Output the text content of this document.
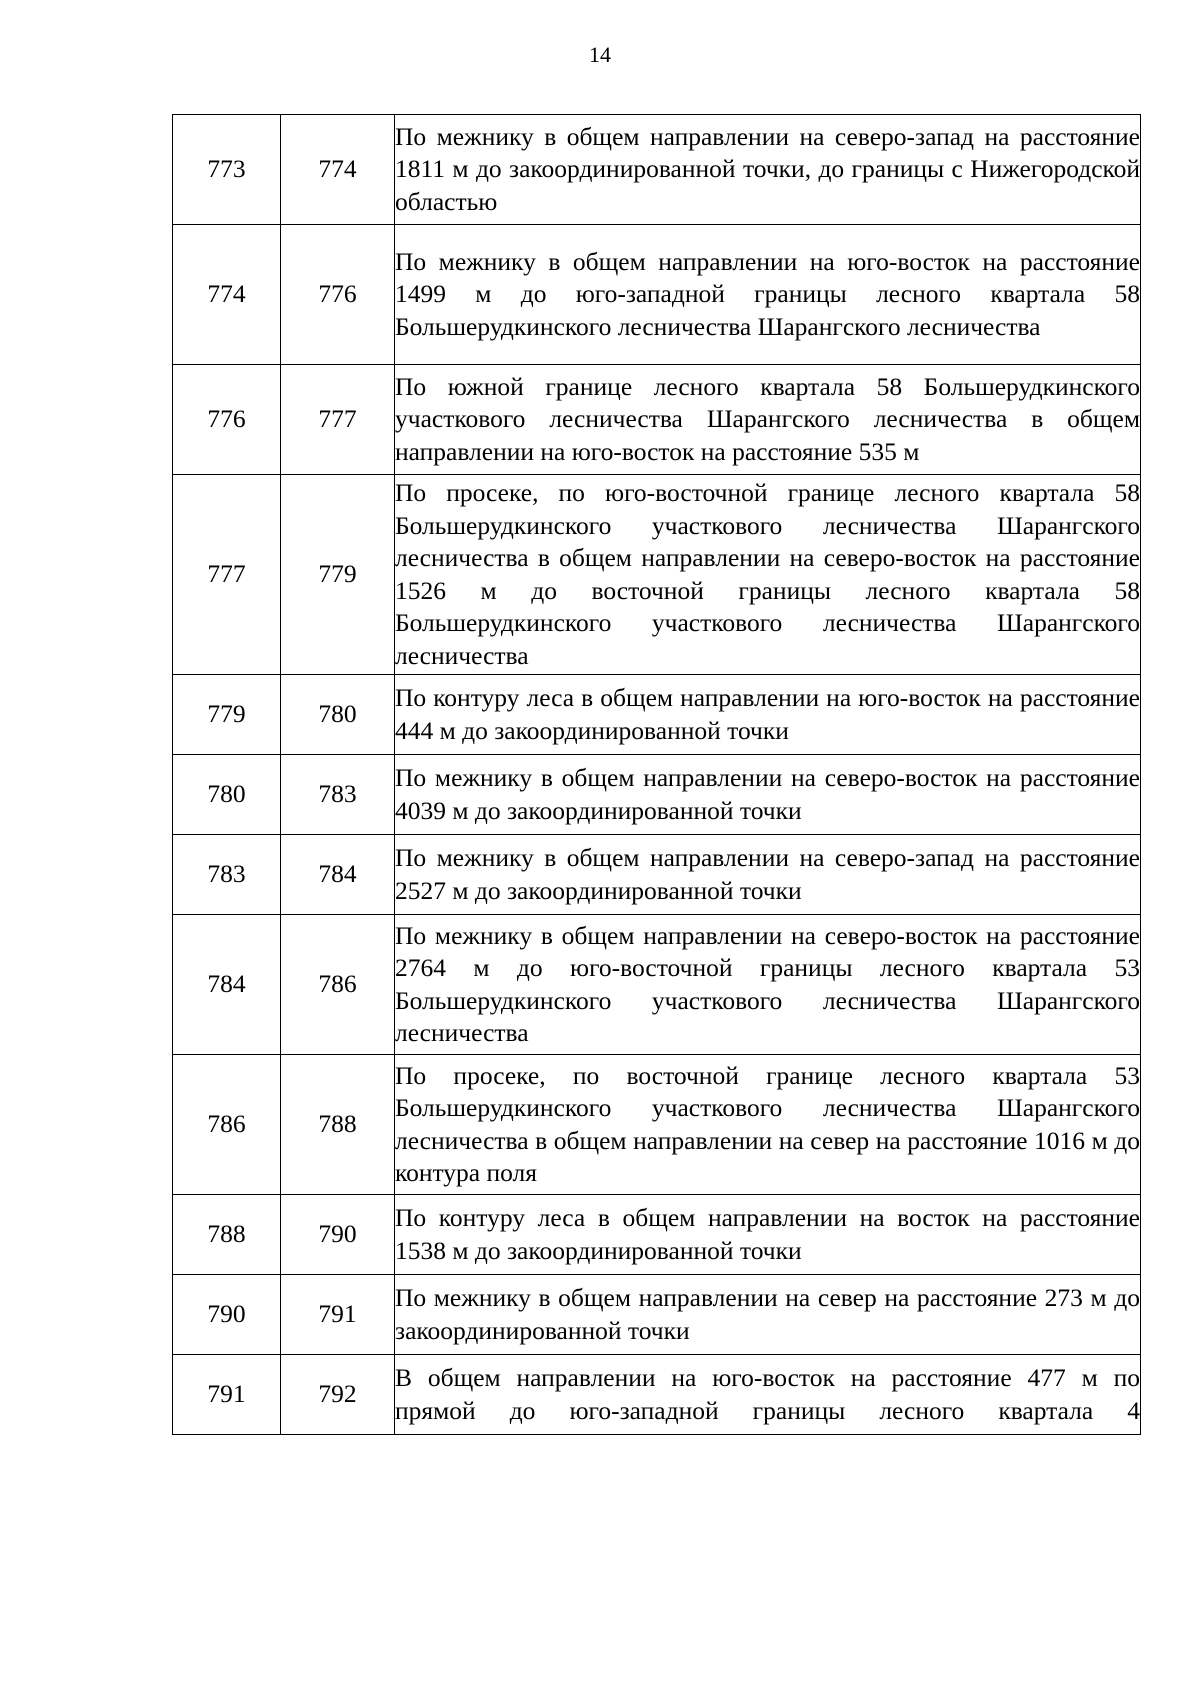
14
773	774	По межнику в общем направлении на северо-запад на расстояние 1811 м до закоординированной точки, до границы с Нижегородской областью
774	776	По межнику в общем направлении на юго-восток на расстояние 1499 м до юго-западной границы лесного квартала 58 Большерудкинского лесничества Шарангского лесничества
776	777	По южной границе лесного квартала 58 Большерудкинского участкового лесничества Шарангского лесничества в общем направлении на юго-восток на расстояние 535 м
777	779	По просеке, по юго-восточной границе лесного квартала 58 Большерудкинского участкового лесничества Шарангского лесничества в общем направлении на северо-восток на расстояние 1526 м до восточной границы лесного квартала 58 Большерудкинского участкового лесничества Шарангского лесничества
779	780	По контуру леса в общем направлении на юго-восток на расстояние 444 м до закоординированной точки
780	783	По межнику в общем направлении на северо-восток на расстояние 4039 м до закоординированной точки
783	784	По межнику в общем направлении на северо-запад на расстояние 2527 м до закоординированной точки
784	786	По межнику в общем направлении на северо-восток на расстояние 2764 м до юго-восточной границы лесного квартала 53 Большерудкинского участкового лесничества Шарангского лесничества
786	788	По просеке, по восточной границе лесного квартала 53 Большерудкинского участкового лесничества Шарангского лесничества в общем направлении на север на расстояние 1016 м до контура поля
788	790	По контуру леса в общем направлении на восток на расстояние 1538 м до закоординированной точки
790	791	По межнику в общем направлении на север на расстояние 273 м до закоординированной точки
791	792	В общем направлении на юго-восток на расстояние 477 м по прямой до юго-западной границы лесного квартала 4
